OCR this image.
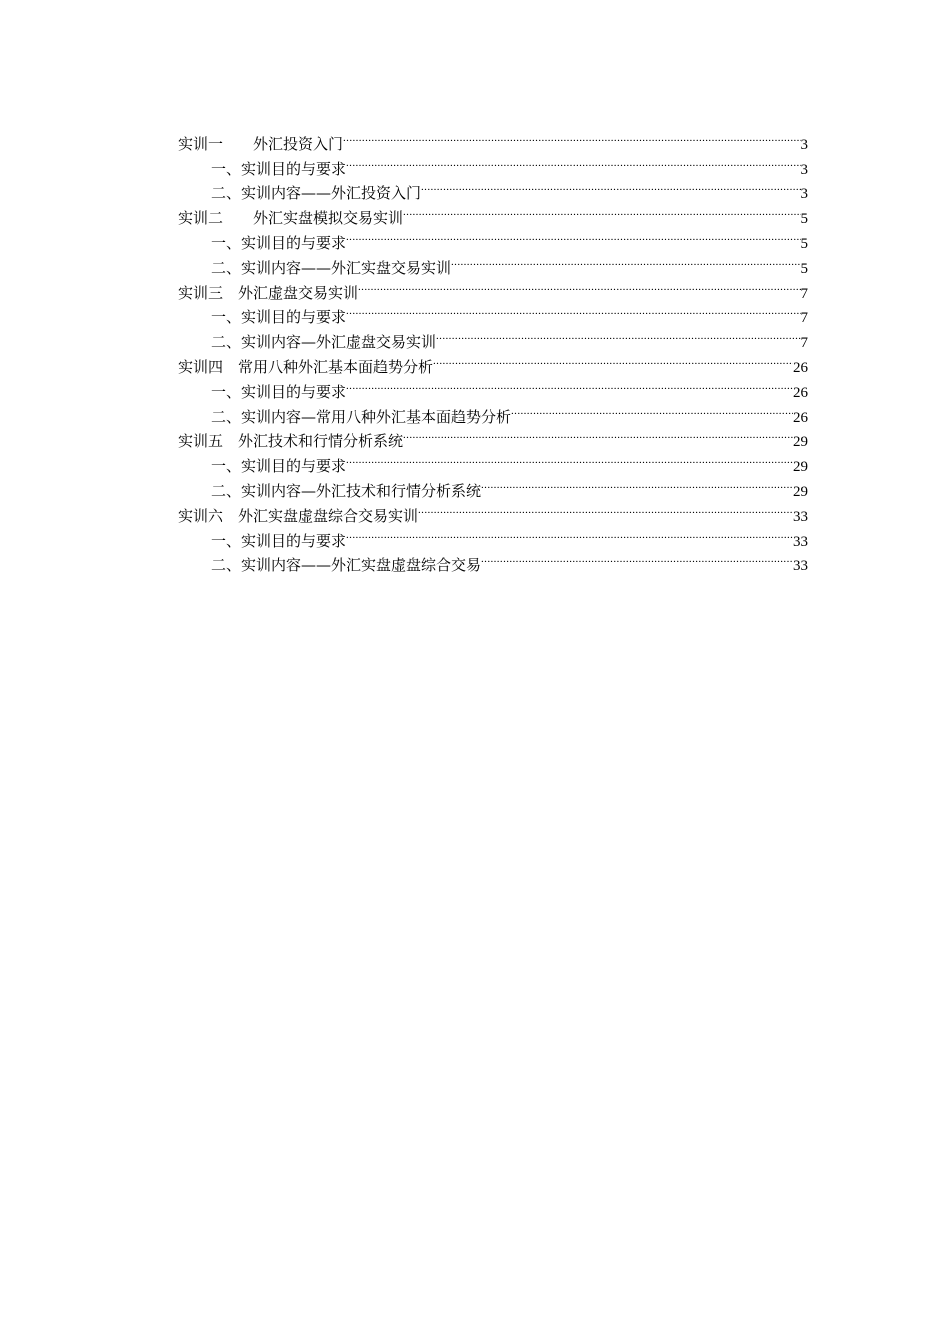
实训一　　外汇投资入门 .....	3
一、实训目的与要求 .....	3
二、实训内容——外汇投资入门 .....	3
实训二　　外汇实盘模拟交易实训 .....	5
一、实训目的与要求 .....	5
二、实训内容——外汇实盘交易实训 .....	5
实训三　外汇虚盘交易实训 .....	7
一、实训目的与要求 .....	7
二、实训内容—外汇虚盘交易实训 .....	7
实训四　常用八种外汇基本面趋势分析 .....	26
一、实训目的与要求 .....	26
二、实训内容—常用八种外汇基本面趋势分析 .....	26
实训五　外汇技术和行情分析系统 .....	29
一、实训目的与要求 .....	29
二、实训内容—外汇技术和行情分析系统 .....	29
实训六　外汇实盘虚盘综合交易实训 .....	33
一、实训目的与要求 .....	33
二、实训内容——外汇实盘虚盘综合交易 .....	33
